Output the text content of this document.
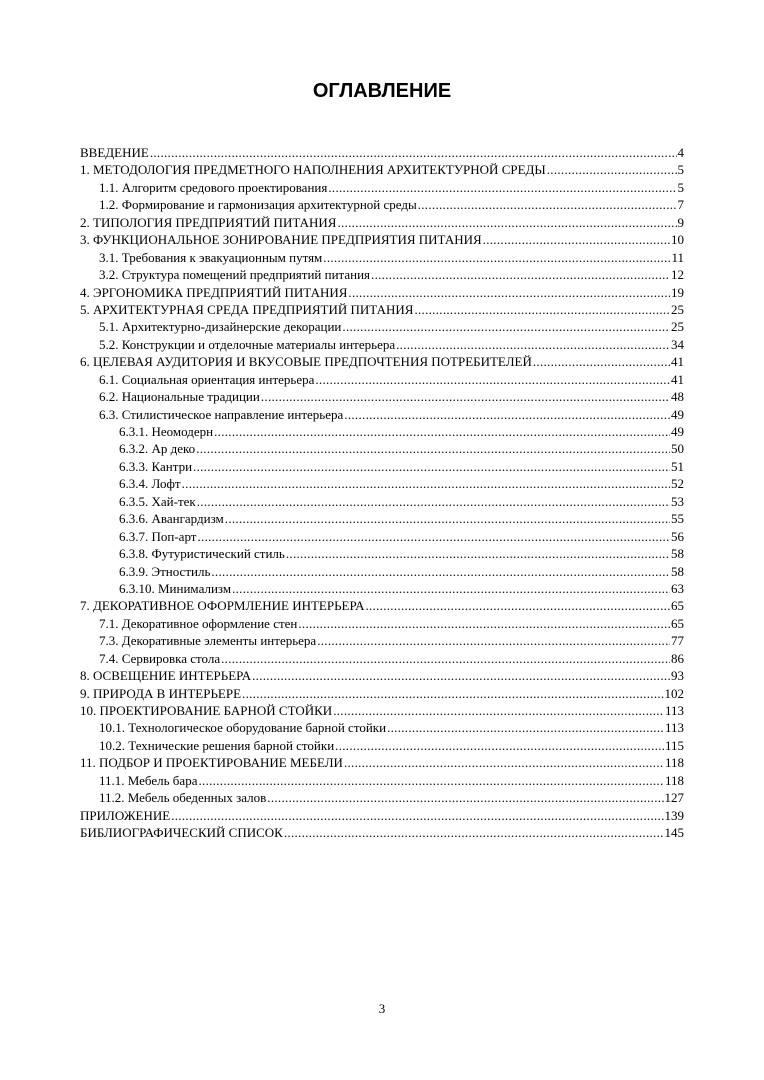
ОГЛАВЛЕНИЕ
ВВЕДЕНИЕ .....	4
1. МЕТОДОЛОГИЯ ПРЕДМЕТНОГО НАПОЛНЕНИЯ АРХИТЕКТУРНОЙ СРЕДЫ .....	5
1.1. Алгоритм средового проектирования .....	5
1.2. Формирование и гармонизация архитектурной среды .....	7
2. ТИПОЛОГИЯ ПРЕДПРИЯТИЙ ПИТАНИЯ .....	9
3. ФУНКЦИОНАЛЬНОЕ ЗОНИРОВАНИЕ ПРЕДПРИЯТИЯ ПИТАНИЯ .....	10
3.1. Требования к эвакуационным путям .....	11
3.2. Структура помещений предприятий питания .....	12
4. ЭРГОНОМИКА ПРЕДПРИЯТИЙ ПИТАНИЯ .....	19
5. АРХИТЕКТУРНАЯ СРЕДА ПРЕДПРИЯТИЙ ПИТАНИЯ .....	25
5.1. Архитектурно-дизайнерские декорации .....	25
5.2. Конструкции и отделочные материалы интерьера .....	34
6. ЦЕЛЕВАЯ АУДИТОРИЯ И ВКУСОВЫЕ ПРЕДПОЧТЕНИЯ ПОТРЕБИТЕЛЕЙ .....	41
6.1. Социальная ориентация интерьера .....	41
6.2. Национальные традиции .....	48
6.3. Стилистическое направление интерьера .....	49
6.3.1. Неомодерн .....	49
6.3.2. Ар деко .....	50
6.3.3. Кантри .....	51
6.3.4. Лофт .....	52
6.3.5. Хай-тек .....	53
6.3.6. Авангардизм .....	55
6.3.7. Поп-арт .....	56
6.3.8. Футуристический стиль .....	58
6.3.9. Этностиль .....	58
6.3.10. Минимализм .....	63
7. ДЕКОРАТИВНОЕ ОФОРМЛЕНИЕ ИНТЕРЬЕРА .....	65
7.1. Декоративное оформление стен .....	65
7.3. Декоративные элементы интерьера .....	77
7.4. Сервировка стола .....	86
8. ОСВЕЩЕНИЕ ИНТЕРЬЕРА .....	93
9. ПРИРОДА В ИНТЕРЬЕРЕ .....	102
10. ПРОЕКТИРОВАНИЕ БАРНОЙ СТОЙКИ .....	113
10.1. Технологическое оборудование барной стойки .....	113
10.2. Технические решения барной стойки .....	115
11. ПОДБОР И ПРОЕКТИРОВАНИЕ МЕБЕЛИ .....	118
11.1. Мебель бара .....	118
11.2. Мебель обеденных залов .....	127
ПРИЛОЖЕНИЕ .....	139
БИБЛИОГРАФИЧЕСКИЙ СПИСОК .....	145
3
